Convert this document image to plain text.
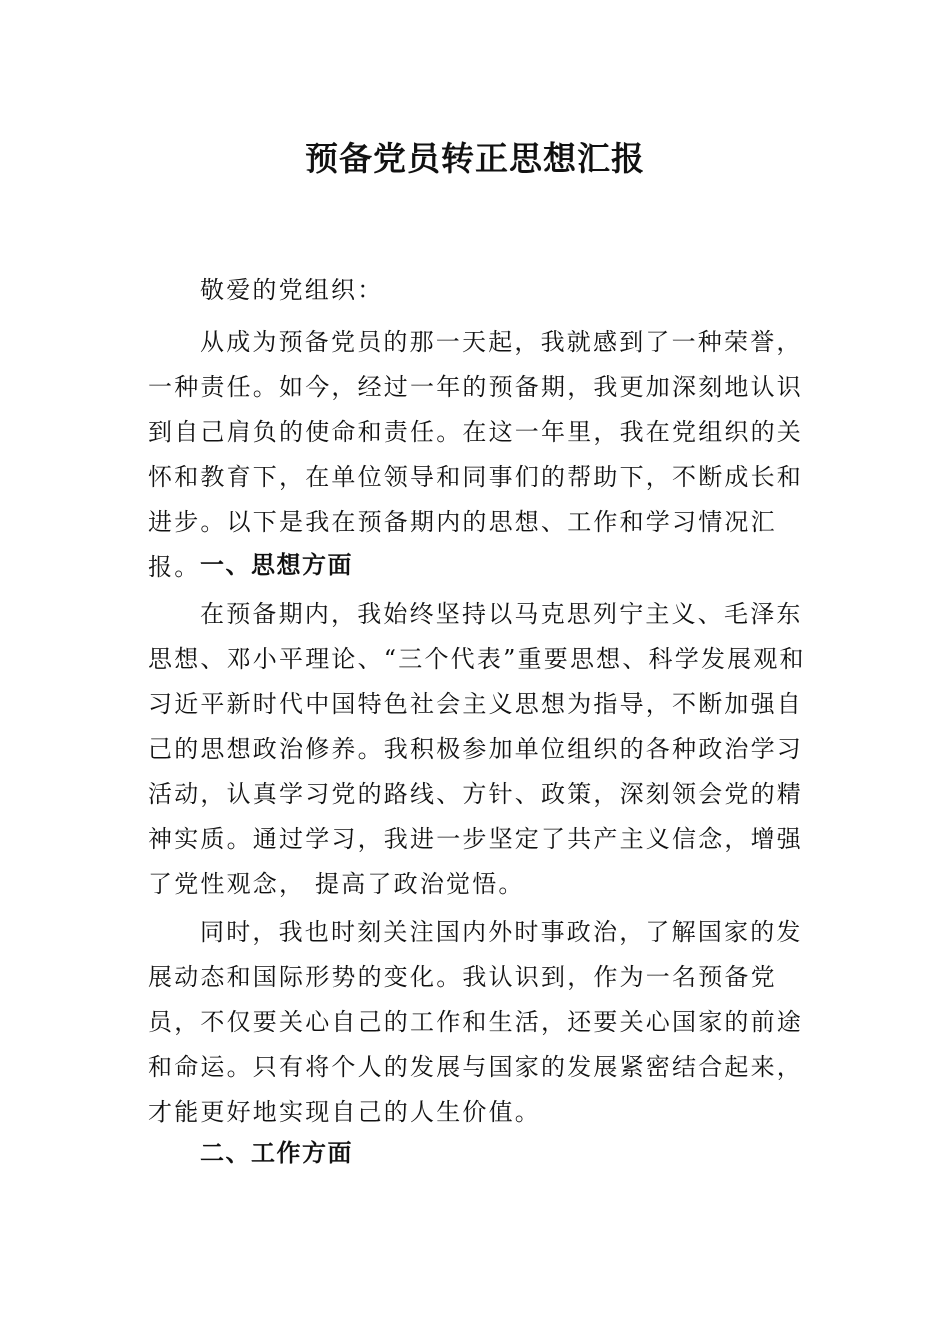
预备党员转正思想汇报

敬爱的党组织：

从成为预备党员的那一天起，我就感到了一种荣誉，一种责任。如今，经过一年的预备期，我更加深刻地认识到自己肩负的使命和责任。在这一年里，我在党组织的关怀和教育下，在单位领导和同事们的帮助下，不断成长和进步。以下是我在预备期内的思想、工作和学习情况汇报。 一、思想方面

在预备期内，我始终坚持以马克思列宁主义、毛泽东思想、邓小平理论、“三个代表”重要思想、科学发展观和习近平新时代中国特色社会主义思想为指导，不断加强自己的思想政治修养。我积极参加单位组织的各种政治学习活动，认真学习党的路线、方针、政策，深刻领会党的精神实质。通过学习，我进一步坚定了共产主义信念，增强了党性观念， 提高了政治觉悟。

同时，我也时刻关注国内外时事政治，了解国家的发展动态和国际形势的变化。我认识到，作为一名预备党员，不仅要关心自己的工作和生活，还要关心国家的前途和命运。只有将个人的发展与国家的发展紧密结合起来，才能更好地实现自己的人生价值。

二、工作方面
